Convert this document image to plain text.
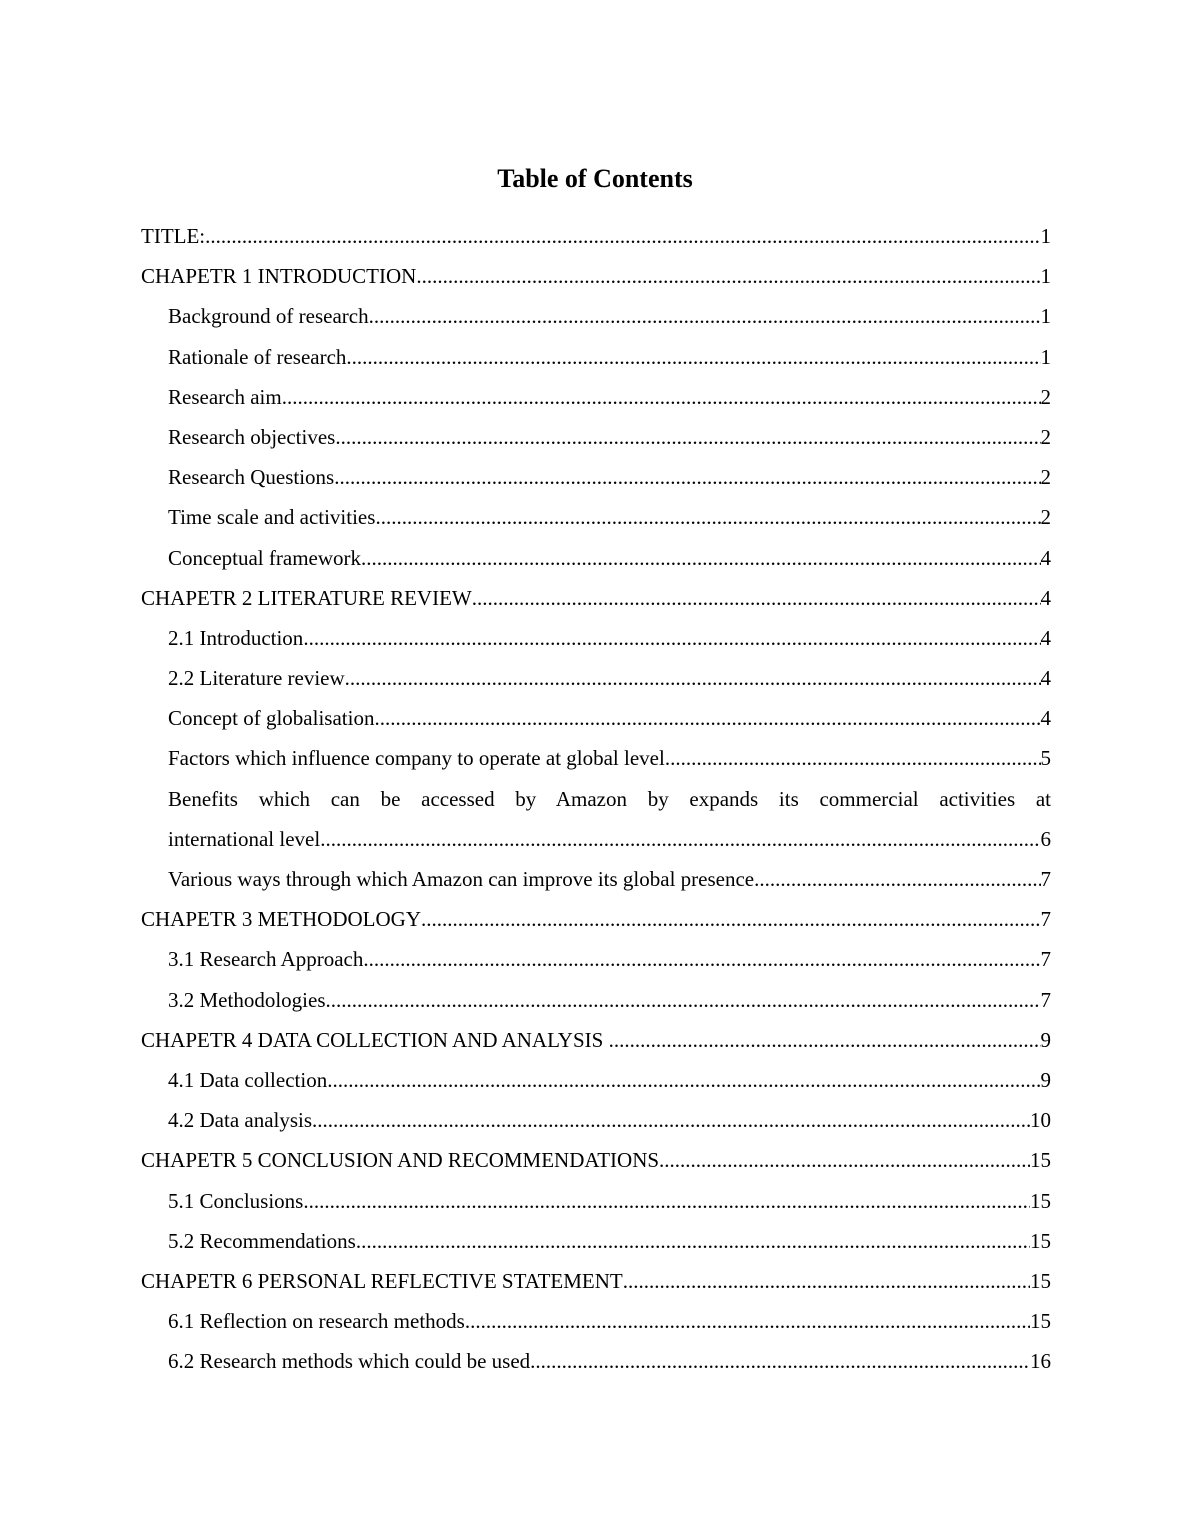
Table of Contents
TITLE: .....	1
CHAPETR 1 INTRODUCTION .....	1
Background of research .....	1
Rationale of research .....	1
Research aim .....	2
Research objectives .....	2
Research Questions .....	2
Time scale and activities .....	2
Conceptual framework .....	4
CHAPETR 2 LITERATURE REVIEW .....	4
2.1 Introduction .....	4
2.2 Literature review .....	4
Concept of globalisation .....	4
Factors which influence company to operate at global level .....	5
Benefits which can be accessed by Amazon by expands its commercial activities at
international level .....	6
Various ways through which Amazon can improve its global presence .....	7
CHAPETR 3 METHODOLOGY .....	7
3.1 Research Approach .....	7
3.2 Methodologies .....	7
CHAPETR 4 DATA COLLECTION AND ANALYSIS .....	9
4.1 Data collection .....	9
4.2 Data analysis .....	10
CHAPETR 5 CONCLUSION AND RECOMMENDATIONS .....	15
5.1 Conclusions .....	15
5.2 Recommendations .....	15
CHAPETR 6 PERSONAL REFLECTIVE STATEMENT .....	15
6.1 Reflection on research methods .....	15
6.2 Research methods which could be used .....	16
